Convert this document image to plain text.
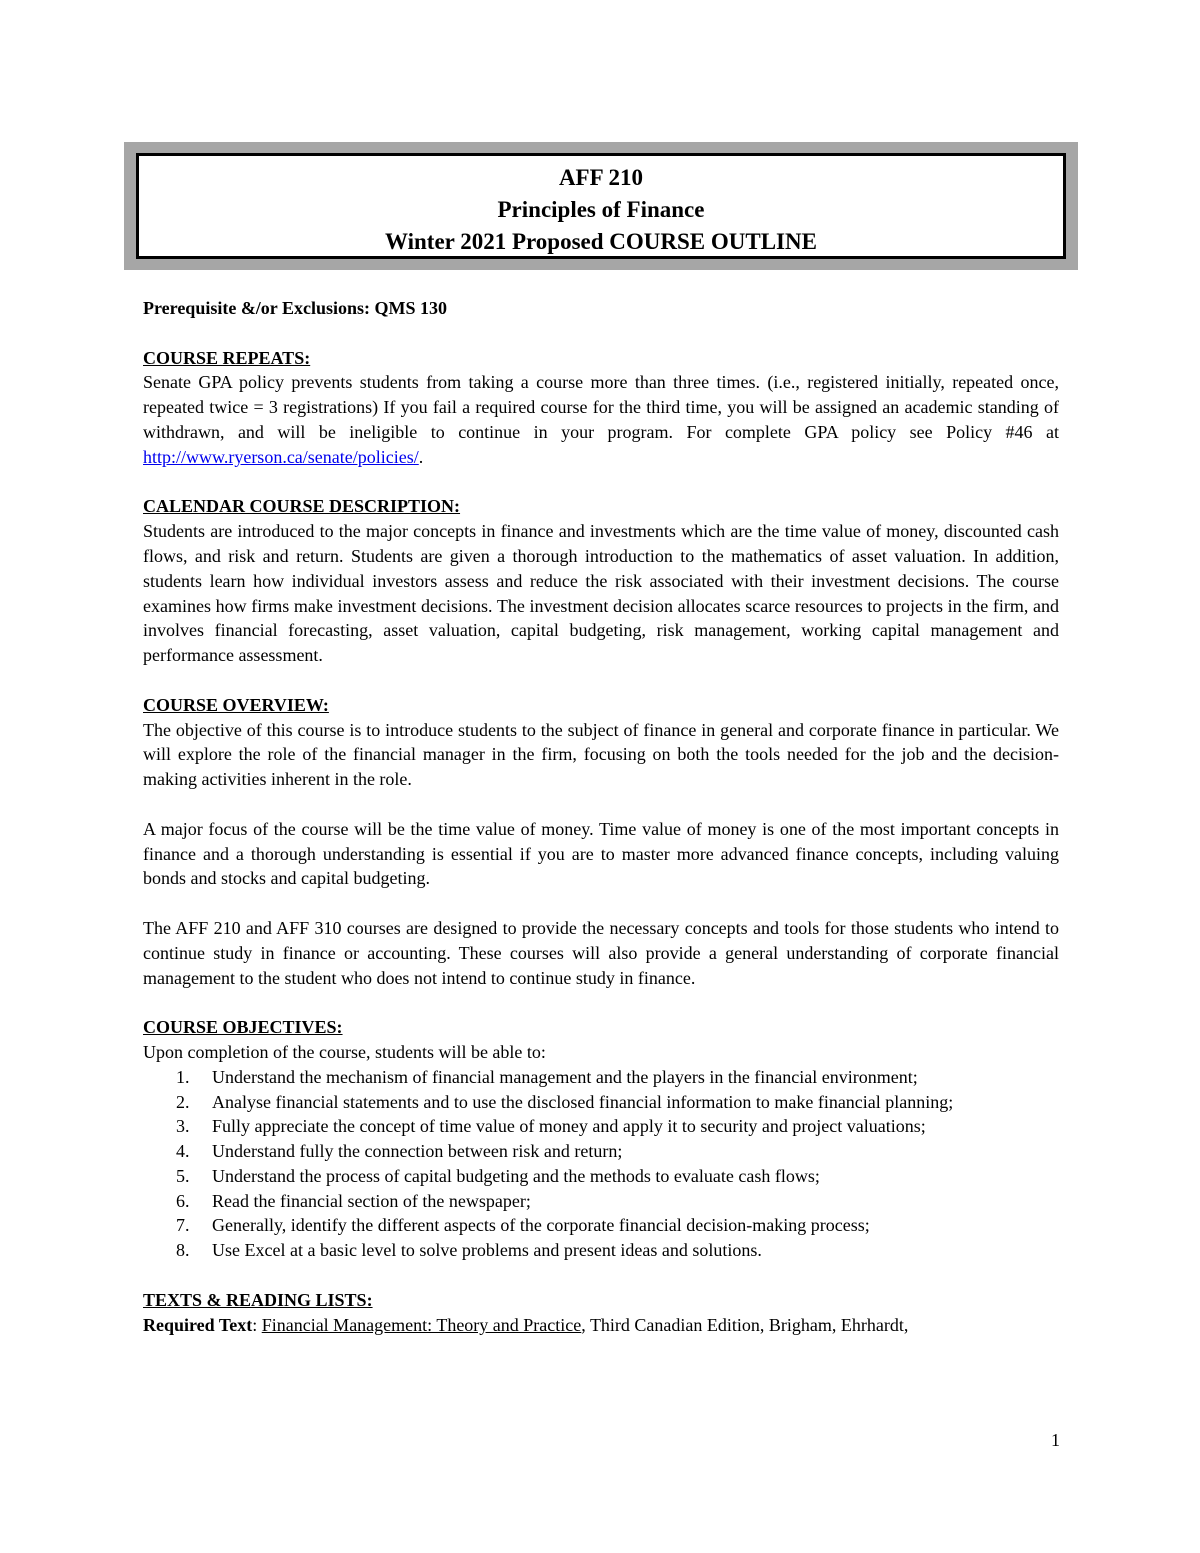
AFF 210
Principles of Finance
Winter 2021 Proposed COURSE OUTLINE

Prerequisite &/or Exclusions: QMS 130

COURSE REPEATS:

Senate GPA policy prevents students from taking a course more than three times. (i.e., registered initially, repeated once, repeated twice = 3 registrations) If you fail a required course for the third time, you will be assigned an academic standing of withdrawn, and will be ineligible to continue in your program. For complete GPA policy see Policy #46 at http://www.ryerson.ca/senate/policies/.

CALENDAR COURSE DESCRIPTION:

Students are introduced to the major concepts in finance and investments which are the time value of money, discounted cash flows, and risk and return. Students are given a thorough introduction to the mathematics of asset valuation. In addition, students learn how individual investors assess and reduce the risk associated with their investment decisions. The course examines how firms make investment decisions. The investment decision allocates scarce resources to projects in the firm, and involves financial forecasting, asset valuation, capital budgeting, risk management, working capital management and performance assessment.

COURSE OVERVIEW:

The objective of this course is to introduce students to the subject of finance in general and corporate finance in particular. We will explore the role of the financial manager in the firm, focusing on both the tools needed for the job and the decision-making activities inherent in the role.

A major focus of the course will be the time value of money. Time value of money is one of the most important concepts in finance and a thorough understanding is essential if you are to master more advanced finance concepts, including valuing bonds and stocks and capital budgeting.

The AFF 210 and AFF 310 courses are designed to provide the necessary concepts and tools for those students who intend to continue study in finance or accounting. These courses will also provide a general understanding of corporate financial management to the student who does not intend to continue study in finance.

COURSE OBJECTIVES:

Upon completion of the course, students will be able to:

1. Understand the mechanism of financial management and the players in the financial environment;
2. Analyse financial statements and to use the disclosed financial information to make financial planning;
3. Fully appreciate the concept of time value of money and apply it to security and project valuations;
4. Understand fully the connection between risk and return;
5. Understand the process of capital budgeting and the methods to evaluate cash flows;
6. Read the financial section of the newspaper;
7. Generally, identify the different aspects of the corporate financial decision-making process;
8. Use Excel at a basic level to solve problems and present ideas and solutions.

TEXTS & READING LISTS:

Required Text: Financial Management: Theory and Practice, Third Canadian Edition, Brigham, Ehrhardt,

1
